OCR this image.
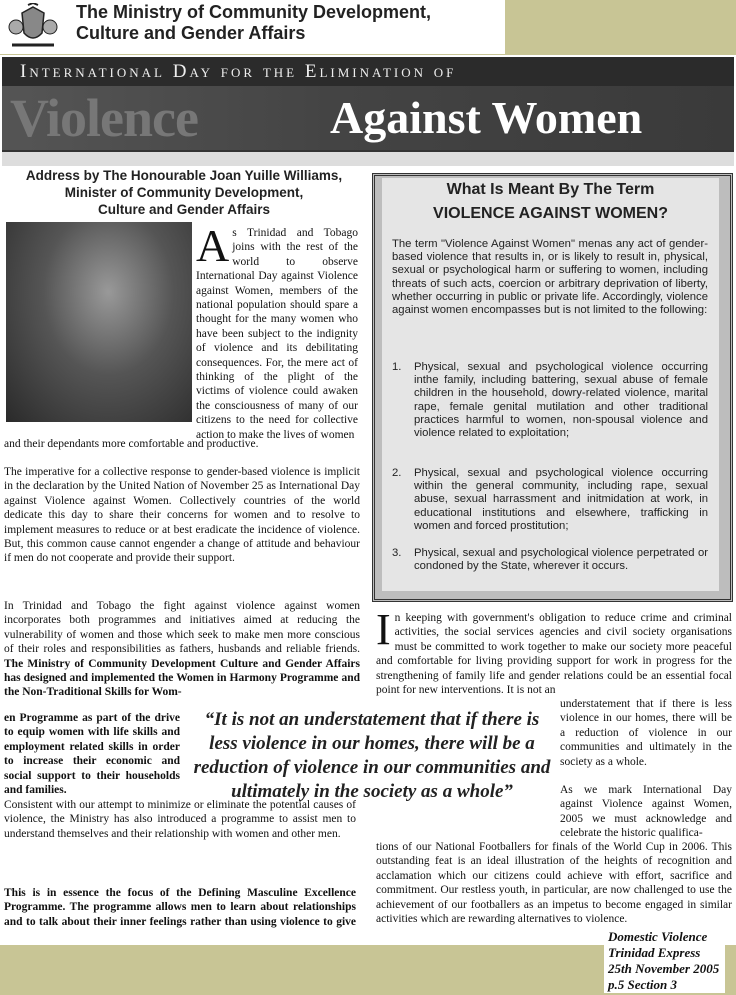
The Ministry of Community Development,
Culture and Gender Affairs
International Day for the Elimination of
Violence	Against Women
Address by The Honourable Joan Yuille Williams,
Minister of Community Development,
Culture and Gender Affairs
As Trinidad and Tobago joins with the rest of the world to observe International Day against Violence against Women, members of the national population should spare a thought for the many women who have been subject to the indignity of violence and its debilitating consequences. For, the mere act of thinking of the plight of the victims of violence could awaken the consciousness of many of our citizens to the need for collective action to make the lives of women
and their dependants more comfortable and productive.
The imperative for a collective response to gender-based violence is implicit in the declaration by the United Nation of November 25 as International Day against Violence against Women. Collectively countries of the world dedicate this day to share their concerns for women and to resolve to implement measures to reduce or at best eradicate the incidence of violence. But, this common cause cannot engender a change of attitude and behaviour if men do not cooperate and provide their support.
In Trinidad and Tobago the fight against violence against women incorporates both programmes and initiatives aimed at reducing the vulnerability of women and those which seek to make men more conscious of their roles and responsibilities as fathers, husbands and reliable friends. The Ministry of Community Development Culture and Gender Affairs has designed and implemented the Women in Harmony Programme and the Non-Traditional Skills for Wom-
en Programme as part of the drive to equip women with life skills and employment related skills in order to increase their economic and social support to their households and families.
Consistent with our attempt to minimize or eliminate the potential causes of violence, the Ministry has also introduced a programme to assist men to understand themselves and their relationship with women and other men.
This is in essence the focus of the Defining Masculine Excellence Programme. The programme allows men to learn about relationships and to talk about their inner feelings rather than using violence to give
What Is Meant By The Term
VIOLENCE AGAINST WOMEN?
The term "Violence Against Women" menas any act of gender-based violence that results in, or is likely to result in, physical, sexual or psychological harm or suffering to women, including threats of such acts, coercion or arbitrary deprivation of liberty, whether occurring in public or private life. Accordingly, violence against women encompasses but is not limited to the following:
1. Physical, sexual and psychological violence occurring inthe family, including battering, sexual abuse of female children in the household, dowry-related violence, marital rape, female genital mutilation and other traditional practices harmful to women, non-spousal violence and violence related to exploitation;
2. Physical, sexual and psychological violence occurring within the general community, including rape, sexual abuse, sexual harrassment and initmidation at work, in educational institutions and elsewhere, trafficking in women and forced prostitution;
3. Physical, sexual and psychological violence perpetrated or condoned by the State, wherever it occurs.
In keeping with government's obligation to reduce crime and criminal activities, the social services agencies and civil society organisations must be committed to work together to make our society more peaceful and comfortable for living providing support for work in progress for the strengthening of family life and gender relations could be an essential focal point for new interventions. It is not an
“It is not an understatement that if there is less violence in our homes, there will be a reduction of violence in our communities and ultimately in the society as a whole”
understatement that if there is less violence in our homes, there will be a reduction of violence in our communities and ultimately in the society as a whole.
As we mark International Day against Violence against Women, 2005 we must acknowledge and celebrate the historic qualifica-
tions of our National Footballers for finals of the World Cup in 2006. This outstanding feat is an ideal illustration of the heights of recognition and acclamation which our citizens could achieve with effort, sacrifice and commitment. Our restless youth, in particular, are now challenged to use the achievement of our footballers as an impetus to become engaged in similar activities which are rewarding alternatives to violence.
Domestic Violence
Trinidad Express
25th November 2005
p.5 Section 3
